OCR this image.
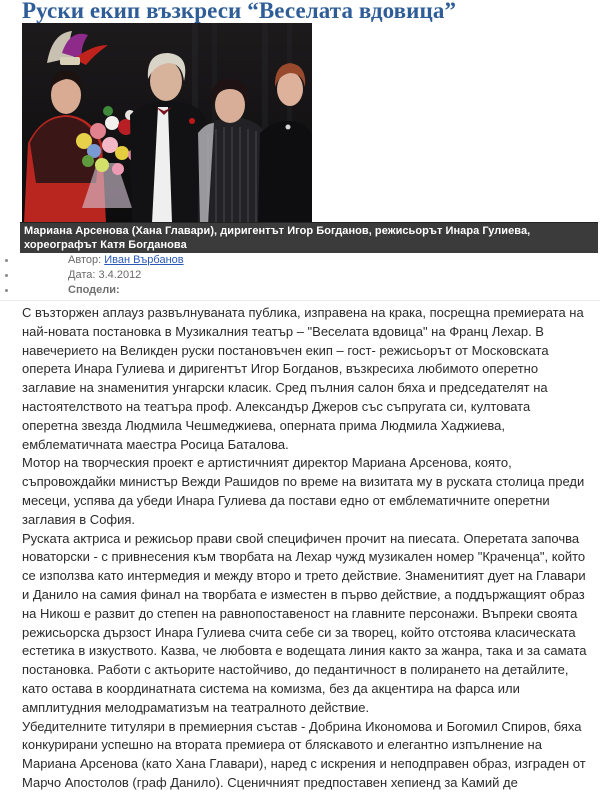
Руски екип възкреси “Веселата вдовица”
Мариана Арсенова (Хана Главари), диригентът Игор Богданов, режисьорът Инара Гулиева, хореографът Катя Богданова
Автор: Иван Върбанов
Дата: 3.4.2012
Сподели:

С възторжен аплауз развълнуваната публика, изправена на крака, посрещна премиерата на най-новата постановка в Музикалния театър – "Веселата вдовица" на Франц Лехар. В навечерието на Великден руски постановъчен екип – гост- режисьорът от Московската оперета Инара Гулиева и диригентът Игор Богданов, възкресиха любимото оперетно заглавие на знаменития унгарски класик. Сред пълния салон бяха и председателят на настоятелството на театъра проф. Александър Джеров със съпругата си, култовата оперетна звезда Людмила Чешмеджиева, оперната прима Людмила Хаджиева, емблематичната маестра Росица Баталова.

Мотор на творческия проект е артистичният директор Мариана Арсенова, която, съпровождайки министър Вежди Рашидов по време на визитата му в руската столица преди месеци, успява да убеди Инара Гулиева да постави едно от емблематичните оперетни заглавия в София.

Руската актриса и режисьор прави свой специфичен прочит на пиесата. Оперетата започва новаторски - с привнесения към творбата на Лехар чужд музикален номер "Краченца", който се използва като интермедия и между второ и трето действие. Знаменитият дует на Главари и Данило на самия финал на творбата е изместен в първо действие, а поддържащият образ на Никош е развит до степен на равнопоставеност на главните персонажи. Въпреки своята режисьорска дързост Инара Гулиева счита себе си за творец, който отстоява класическата естетика в изкуството. Казва, че любовта е водещата линия както за жанра, така и за самата постановка. Работи с актьорите настойчиво, до педантичност в полирането на детайлите, като остава в координатната система на комизма, без да акцентира на фарса или амплитудния мелодраматизъм на театралното действие.

Убедителните титуляри в премиерния състав - Добрина Икономова и Богомил Спиров, бяха конкурирани успешно на втората премиера от бляскавото и елегантно изпълнение на Мариана Арсенова (като Хана Главари), наред с искрения и неподправен образ, изграден от Марчо Апостолов (граф Данило). Сценичният предпоставен хепиенд за Камий де
